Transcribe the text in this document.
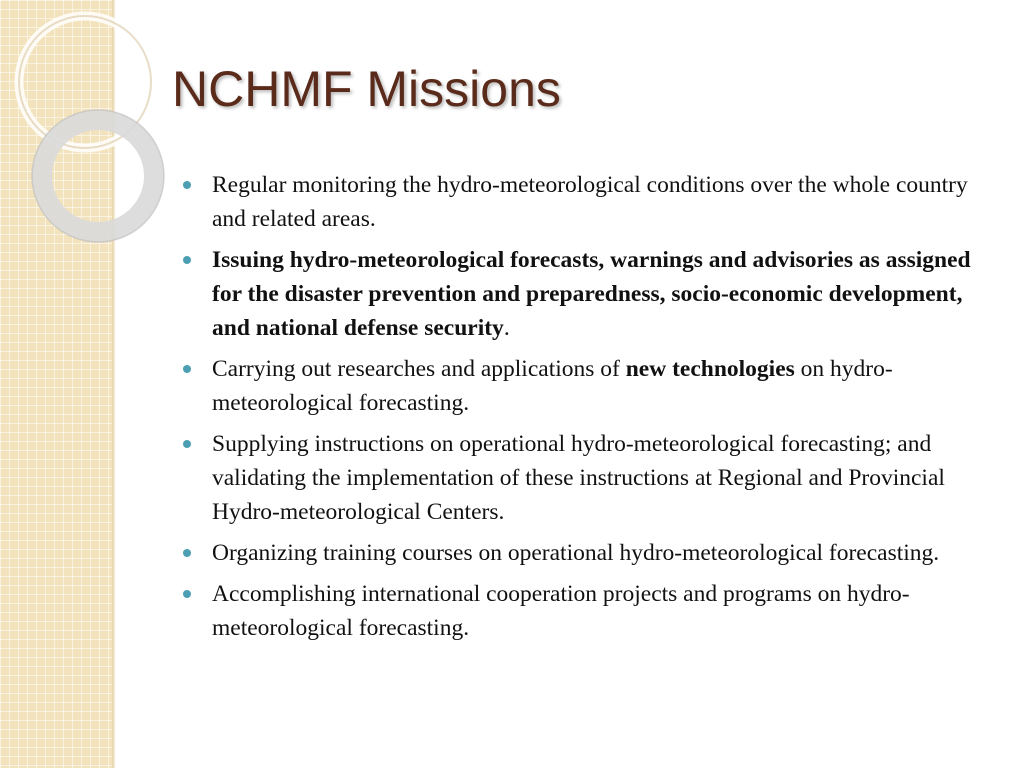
NCHMF Missions
Regular monitoring the hydro-meteorological conditions over the whole country and related areas.
Issuing hydro-meteorological forecasts, warnings and advisories as assigned for the disaster prevention and preparedness, socio-economic development, and national defense security.
Carrying out researches and applications of new technologies on hydro-meteorological forecasting.
Supplying instructions on operational hydro-meteorological forecasting; and validating the implementation of these instructions at Regional and Provincial Hydro-meteorological Centers.
Organizing training courses on operational hydro-meteorological forecasting.
Accomplishing international cooperation projects and programs on hydro-meteorological forecasting.
